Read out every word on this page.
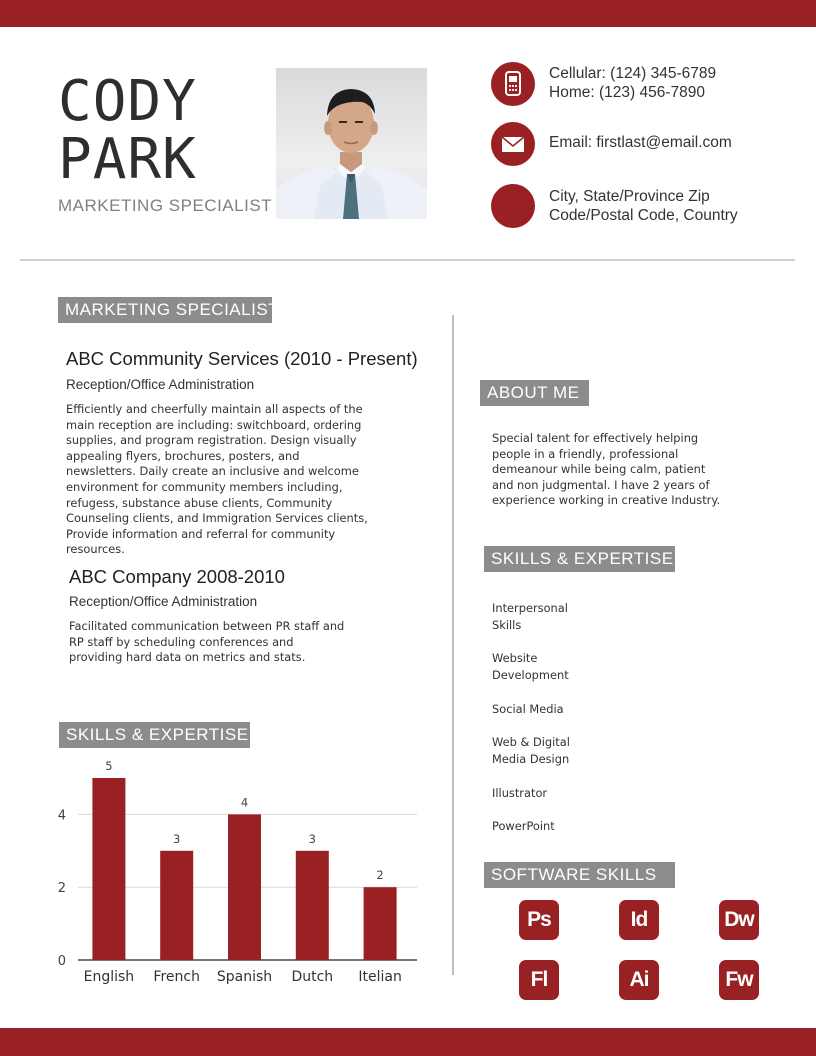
CODY
PARK
MARKETING SPECIALIST
Cellular: (124) 345-6789
Home: (123) 456-7890
Email: firstlast@email.com
City, State/Province Zip
Code/Postal Code, Country
MARKETING SPECIALIST
ABC Community Services (2010 - Present)
Reception/Office Administration
Efficiently and cheerfully maintain all aspects of the
main reception are including: switchboard, ordering
supplies, and program registration. Design visually
appealing flyers, brochures, posters, and
newsletters. Daily create an inclusive and welcome
environment for community members including,
refugess, substance abuse clients, Community
Counseling clients, and Immigration Services clients,
Provide information and referral for community
resources.
ABC Company 2008-2010
Reception/Office Administration
Facilitated communication between PR staff and
RP staff by scheduling conferences and
providing hard data on metrics and stats.
SKILLS & EXPERTISE
0
2
4
5
English
3
French
4
Spanish
3
Dutch
2
Itelian
ABOUT ME
Special talent for effectively helping
people in a friendly, professional
demeanour while being calm, patient
and non judgmental. I have 2 years of
experience working in creative Industry.
SKILLS & EXPERTISE
Interpersonal
Skills
Website
Development
Social Media
Web & Digital
Media Design
Illustrator
PowerPoint
SOFTWARE SKILLS
Ps	Id	Dw
Fl	Ai	Fw
